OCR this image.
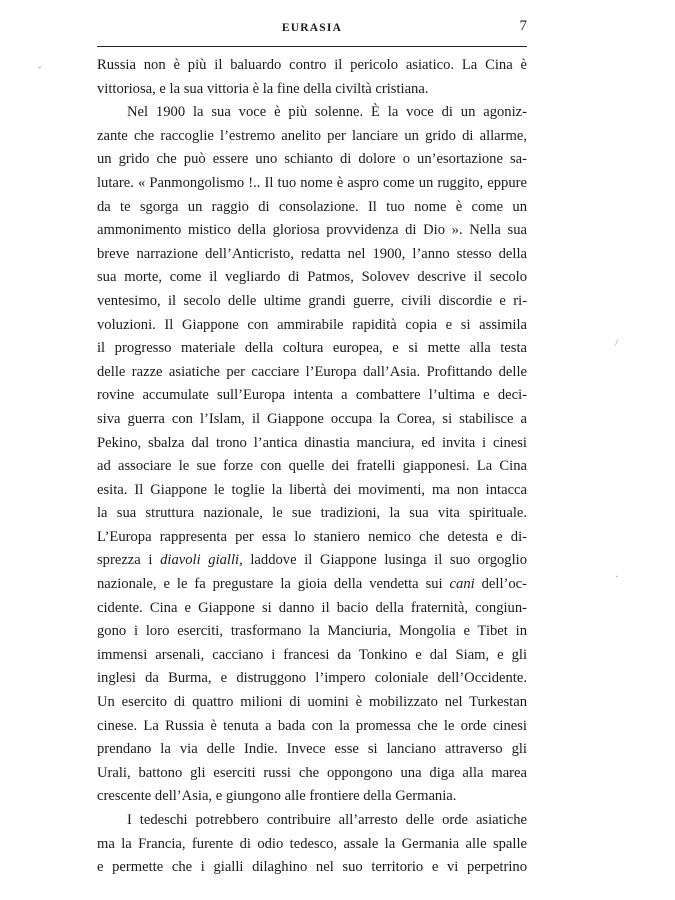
EURASIA	7
Russia non è più il baluardo contro il pericolo asiatico. La Cina è
vittoriosa, e la sua vittoria è la fine della civiltà cristiana.
Nel 1900 la sua voce è più solenne. È la voce di un agoniz-
zante che raccoglie l’estremo anelito per lanciare un grido di allarme,
un grido che può essere uno schianto di dolore o un’esortazione sa-
lutare. « Panmongolismo !.. Il tuo nome è aspro come un ruggito, eppure
da te sgorga un raggio di consolazione. Il tuo nome è come un
ammonimento mistico della gloriosa provvidenza di Dio ». Nella sua
breve narrazione dell’Anticristo, redatta nel 1900, l’anno stesso della
sua morte, come il vegliardo di Patmos, Solovev descrive il secolo
ventesimo, il secolo delle ultime grandi guerre, civili discordie e ri-
voluzioni. Il Giappone con ammirabile rapidità copia e si assimila
il progresso materiale della coltura europea, e si mette alla testa
delle razze asiatiche per cacciare l’Europa dall’Asia. Profittando delle
rovine accumulate sull’Europa intenta a combattere l’ultima e deci-
siva guerra con l’Islam, il Giappone occupa la Corea, si stabilisce a
Pekino, sbalza dal trono l’antica dinastia manciura, ed invita i cinesi
ad associare le sue forze con quelle dei fratelli giapponesi. La Cina
esita. Il Giappone le toglie la libertà dei movimenti, ma non intacca
la sua struttura nazionale, le sue tradizioni, la sua vita spirituale.
L’Europa rappresenta per essa lo staniero nemico che detesta e di-
sprezza i diavoli gialli, laddove il Giappone lusinga il suo orgoglio
nazionale, e le fa pregustare la gioia della vendetta sui cani dell’oc-
cidente. Cina e Giappone si danno il bacio della fraternità, congiun-
gono i loro eserciti, trasformano la Manciuria, Mongolia e Tibet in
immensi arsenali, cacciano i francesi da Tonkino e dal Siam, e gli
inglesi da Burma, e distruggono l’impero coloniale dell’Occidente.
Un esercito di quattro milioni di uomini è mobilizzato nel Turkestan
cinese. La Russia è tenuta a bada con la promessa che le orde cinesi
prendano la via delle Indie. Invece esse si lanciano attraverso gli
Urali, battono gli eserciti russi che oppongono una diga alla marea
crescente dell’Asia, e giungono alle frontiere della Germania.
I tedeschi potrebbero contribuire all’arresto delle orde asiatiche
ma la Francia, furente di odio tedesco, assale la Germania alle spalle
e permette che i gialli dilaghino nel suo territorio e vi perpetrino
-
/
·
